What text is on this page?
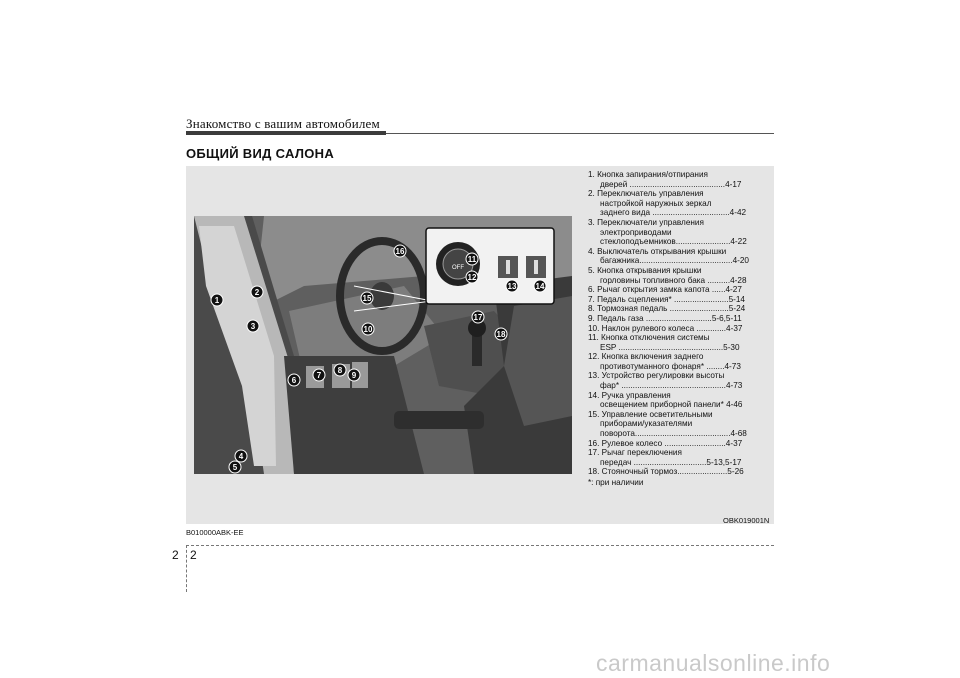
Знакомство с вашим автомобилем
ОБЩИЙ ВИД САЛОНА
OFF
1
2
3
4
5
6
7
8
9
10
11
12
13 14
15
16
17
18
1. Кнопка запирания/отпирания
дверей ..........................................4-17
2. Переключатель управления
настройкой наружных зеркал
заднего вида ..................................4-42
3. Переключатели управления
электроприводами
стеклоподъемников........................4-22
4. Выключатель открывания крышки
багажника.........................................4-20
5. Кнопка открывания крышки
горловины топливного бака ..........4-28
6. Рычаг открытия замка капота ......4-27
7. Педаль сцепления* ........................5-14
8. Тормозная педаль ..........................5-24
9. Педаль газа .............................5-6,5-11
10. Наклон рулевого колеса .............4-37
11. Кнопка отключения системы
ESP ..............................................5-30
12. Кнопка включения заднего
противотуманного фонаря* ........4-73
13. Устройство регулировки высоты
фар* ..............................................4-73
14. Ручка управления
освещением приборной панели* 4-46
15. Управление осветительными
приборами/указателями
поворота..........................................4-68
16. Рулевое колесо ...........................4-37
17. Рычаг переключения
передач ................................5-13,5-17
18. Стояночный тормоз......................5-26
*: при наличии
OBK019001N
B010000ABK-EE
2 2
carmanualsonline.info
